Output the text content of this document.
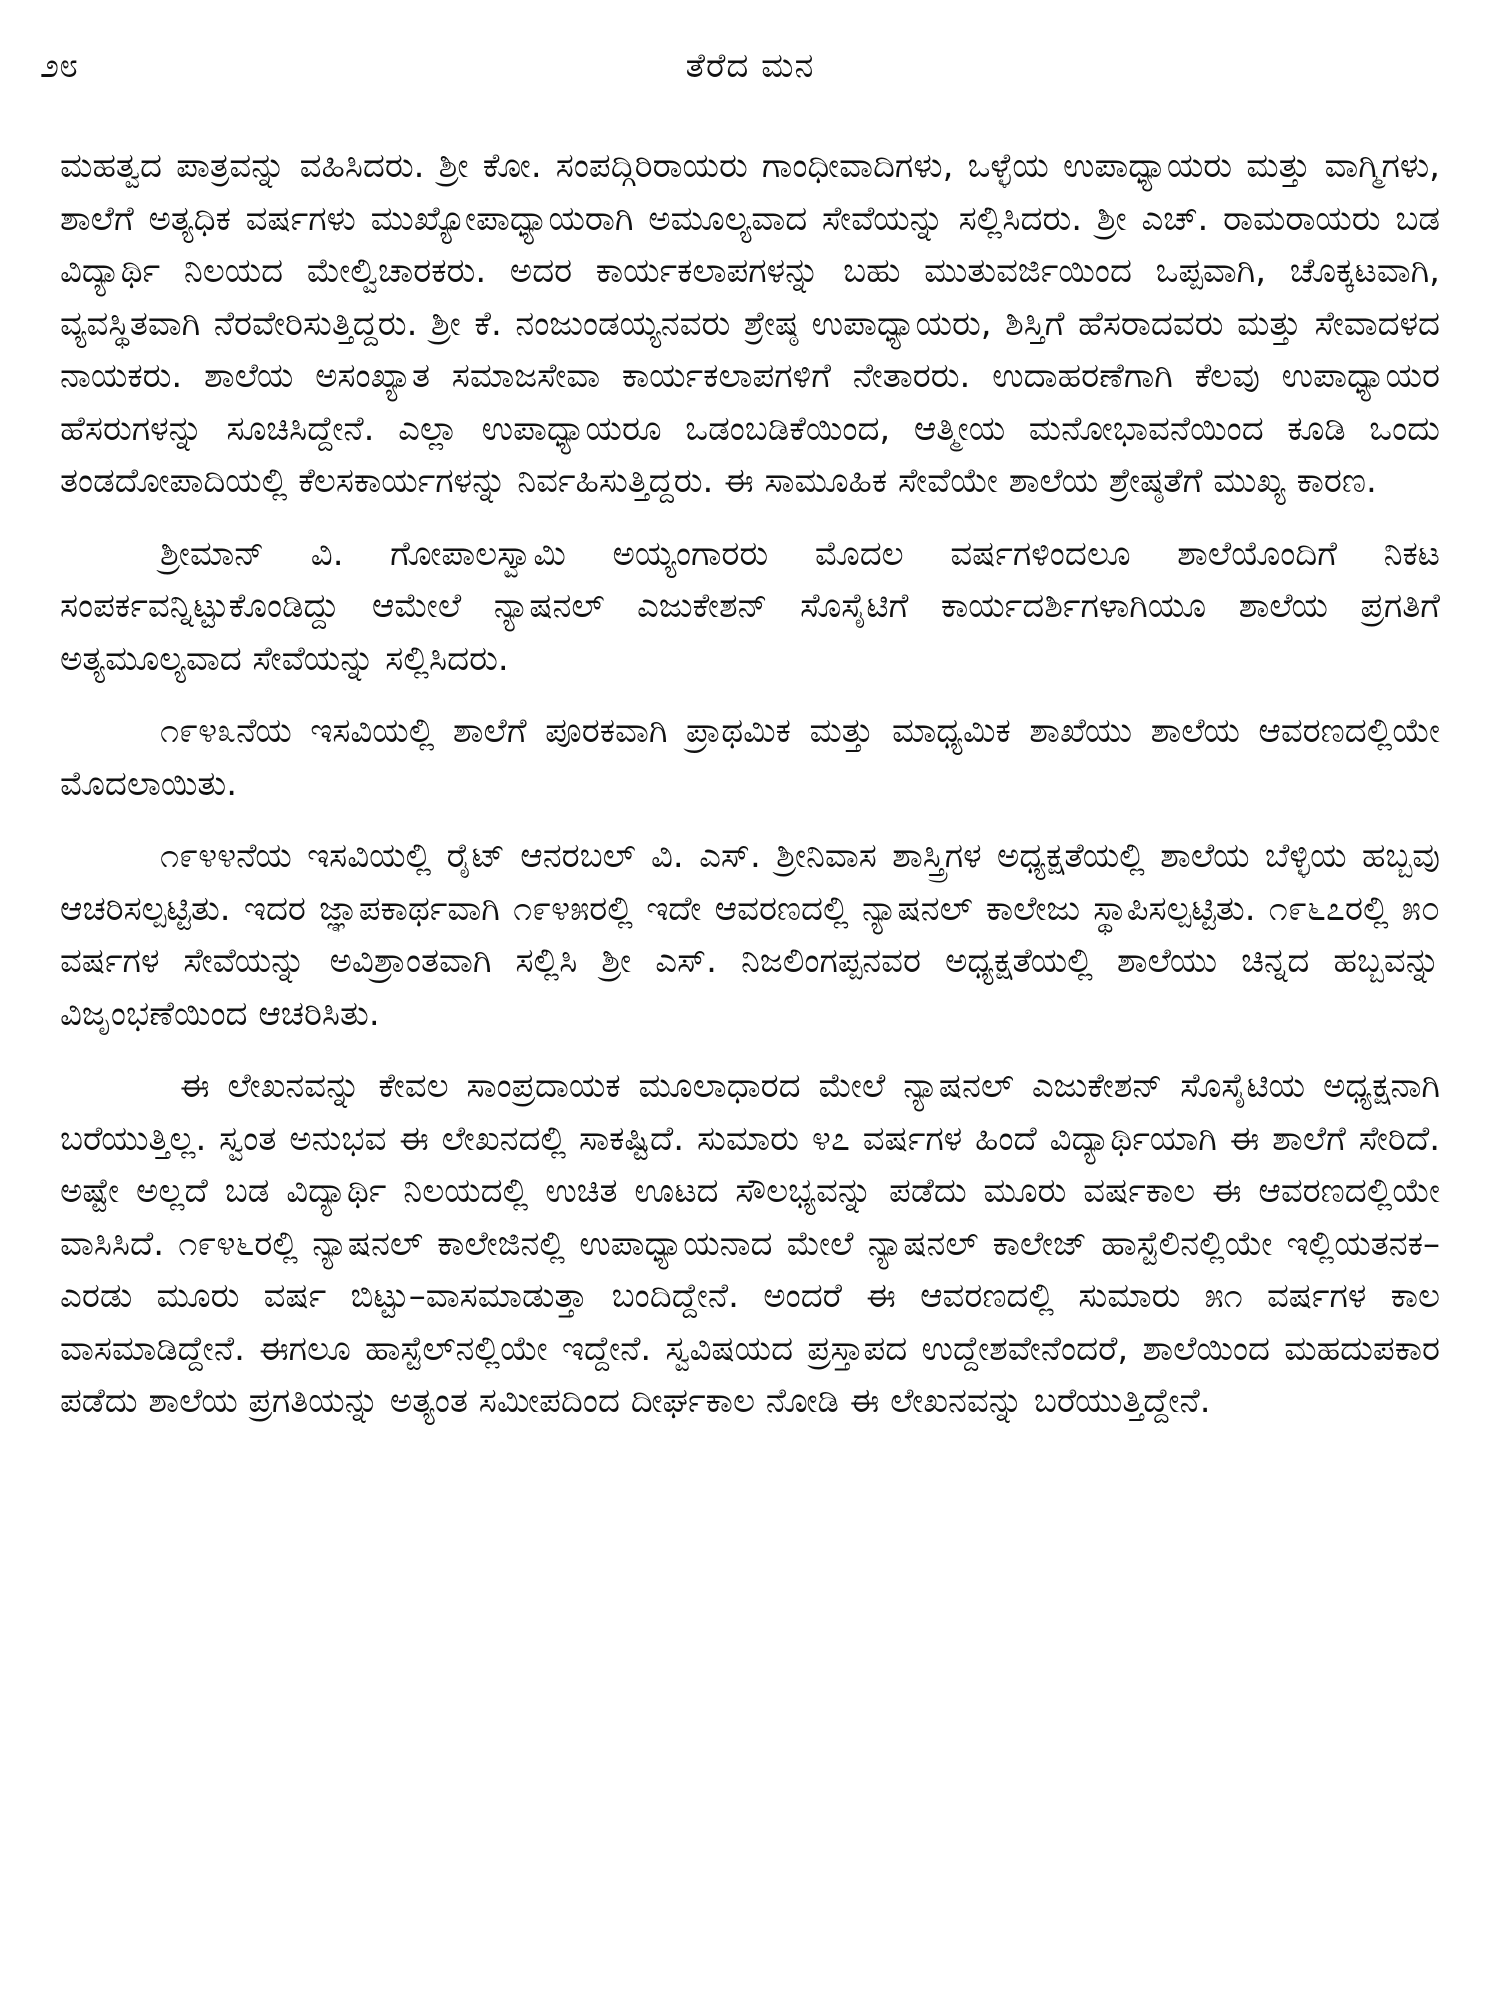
೨೮	ತೆರೆದ ಮನ

ಮಹತ್ವದ ಪಾತ್ರವನ್ನು ವಹಿಸಿದರು. ಶ್ರೀ ಕೋ. ಸಂಪದ್ಗಿರಿರಾಯರು ಗಾಂಧೀವಾದಿಗಳು, ಒಳ್ಳೆಯ ಉಪಾಧ್ಯಾಯರು ಮತ್ತು ವಾಗ್ಮಿಗಳು, ಶಾಲೆಗೆ ಅತ್ಯಧಿಕ ವರ್ಷಗಳು ಮುಖ್ಯೋಪಾಧ್ಯಾಯರಾಗಿ ಅಮೂಲ್ಯವಾದ ಸೇವೆಯನ್ನು ಸಲ್ಲಿಸಿದರು. ಶ್ರೀ ಎಚ್. ರಾಮರಾಯರು ಬಡ ವಿದ್ಯಾರ್ಥಿ ನಿಲಯದ ಮೇಲ್ವಿಚಾರಕರು. ಅದರ ಕಾರ್ಯಕಲಾಪಗಳನ್ನು ಬಹು ಮುತುವರ್ಜಿಯಿಂದ ಒಪ್ಪವಾಗಿ, ಚೊಕ್ಕಟವಾಗಿ, ವ್ಯವಸ್ಥಿತವಾಗಿ ನೆರವೇರಿಸುತ್ತಿದ್ದರು. ಶ್ರೀ ಕೆ. ನಂಜುಂಡಯ್ಯನವರು ಶ್ರೇಷ್ಠ ಉಪಾಧ್ಯಾಯರು, ಶಿಸ್ತಿಗೆ ಹೆಸರಾದವರು ಮತ್ತು ಸೇವಾದಳದ ನಾಯಕರು. ಶಾಲೆಯ ಅಸಂಖ್ಯಾತ ಸಮಾಜಸೇವಾ ಕಾರ್ಯಕಲಾಪಗಳಿಗೆ ನೇತಾರರು. ಉದಾಹರಣೆಗಾಗಿ ಕೆಲವು ಉಪಾಧ್ಯಾಯರ ಹೆಸರುಗಳನ್ನು ಸೂಚಿಸಿದ್ದೇನೆ. ಎಲ್ಲಾ ಉಪಾಧ್ಯಾಯರೂ ಒಡಂಬಡಿಕೆಯಿಂದ, ಆತ್ಮೀಯ ಮನೋಭಾವನೆಯಿಂದ ಕೂಡಿ ಒಂದು ತಂಡದೋಪಾದಿಯಲ್ಲಿ ಕೆಲಸಕಾರ್ಯಗಳನ್ನು ನಿರ್ವಹಿಸುತ್ತಿದ್ದರು. ಈ ಸಾಮೂಹಿಕ ಸೇವೆಯೇ ಶಾಲೆಯ ಶ್ರೇಷ್ಠತೆಗೆ ಮುಖ್ಯ ಕಾರಣ.

ಶ್ರೀಮಾನ್ ವಿ. ಗೋಪಾಲಸ್ವಾಮಿ ಅಯ್ಯಂಗಾರರು ಮೊದಲ ವರ್ಷಗಳಿಂದಲೂ ಶಾಲೆಯೊಂದಿಗೆ ನಿಕಟ ಸಂಪರ್ಕವನ್ನಿಟ್ಟುಕೊಂಡಿದ್ದು ಆಮೇಲೆ ನ್ಯಾಷನಲ್ ಎಜುಕೇಶನ್ ಸೊಸೈಟಿಗೆ ಕಾರ್ಯದರ್ಶಿಗಳಾಗಿಯೂ ಶಾಲೆಯ ಪ್ರಗತಿಗೆ ಅತ್ಯಮೂಲ್ಯವಾದ ಸೇವೆಯನ್ನು ಸಲ್ಲಿಸಿದರು.

೧೯೪೩ನೆಯ ಇಸವಿಯಲ್ಲಿ ಶಾಲೆಗೆ ಪೂರಕವಾಗಿ ಪ್ರಾಥಮಿಕ ಮತ್ತು ಮಾಧ್ಯಮಿಕ ಶಾಖೆಯು ಶಾಲೆಯ ಆವರಣದಲ್ಲಿಯೇ ಮೊದಲಾಯಿತು.

೧೯೪೪ನೆಯ ಇಸವಿಯಲ್ಲಿ ರೈಟ್ ಆನರಬಲ್ ವಿ. ಎಸ್. ಶ್ರೀನಿವಾಸ ಶಾಸ್ತ್ರಿಗಳ ಅಧ್ಯಕ್ಷತೆಯಲ್ಲಿ ಶಾಲೆಯ ಬೆಳ್ಳಿಯ ಹಬ್ಬವು ಆಚರಿಸಲ್ಪಟ್ಟಿತು. ಇದರ ಜ್ಞಾಪಕಾರ್ಥವಾಗಿ ೧೯೪೫ರಲ್ಲಿ ಇದೇ ಆವರಣದಲ್ಲಿ ನ್ಯಾಷನಲ್ ಕಾಲೇಜು ಸ್ಥಾಪಿಸಲ್ಪಟ್ಟಿತು. ೧೯೬೭ರಲ್ಲಿ ೫೦ ವರ್ಷಗಳ ಸೇವೆಯನ್ನು ಅವಿಶ್ರಾಂತವಾಗಿ ಸಲ್ಲಿಸಿ ಶ್ರೀ ಎಸ್. ನಿಜಲಿಂಗಪ್ಪನವರ ಅಧ್ಯಕ್ಷತೆಯಲ್ಲಿ ಶಾಲೆಯು ಚಿನ್ನದ ಹಬ್ಬವನ್ನು ವಿಜೃಂಭಣೆಯಿಂದ ಆಚರಿಸಿತು.

ಈ ಲೇಖನವನ್ನು ಕೇವಲ ಸಾಂಪ್ರದಾಯಕ ಮೂಲಾಧಾರದ ಮೇಲೆ ನ್ಯಾಷನಲ್ ಎಜುಕೇಶನ್ ಸೊಸೈಟಿಯ ಅಧ್ಯಕ್ಷನಾಗಿ ಬರೆಯುತ್ತಿಲ್ಲ. ಸ್ವಂತ ಅನುಭವ ಈ ಲೇಖನದಲ್ಲಿ ಸಾಕಷ್ಟಿದೆ. ಸುಮಾರು ೪೭ ವರ್ಷಗಳ ಹಿಂದೆ ವಿದ್ಯಾರ್ಥಿಯಾಗಿ ಈ ಶಾಲೆಗೆ ಸೇರಿದೆ. ಅಷ್ಟೇ ಅಲ್ಲದೆ ಬಡ ವಿದ್ಯಾರ್ಥಿ ನಿಲಯದಲ್ಲಿ ಉಚಿತ ಊಟದ ಸೌಲಭ್ಯವನ್ನು ಪಡೆದು ಮೂರು ವರ್ಷಕಾಲ ಈ ಆವರಣದಲ್ಲಿಯೇ ವಾಸಿಸಿದೆ. ೧೯೪೬ರಲ್ಲಿ ನ್ಯಾಷನಲ್ ಕಾಲೇಜಿನಲ್ಲಿ ಉಪಾಧ್ಯಾಯನಾದ ಮೇಲೆ ನ್ಯಾಷನಲ್ ಕಾಲೇಜ್ ಹಾಸ್ಟೆಲಿನಲ್ಲಿಯೇ ಇಲ್ಲಿಯತನಕ–ಎರಡು ಮೂರು ವರ್ಷ ಬಿಟ್ಟು–ವಾಸಮಾಡುತ್ತಾ ಬಂದಿದ್ದೇನೆ. ಅಂದರೆ ಈ ಆವರಣದಲ್ಲಿ ಸುಮಾರು ೫೧ ವರ್ಷಗಳ ಕಾಲ ವಾಸಮಾಡಿದ್ದೇನೆ. ಈಗಲೂ ಹಾಸ್ಟೆಲ್‌ನಲ್ಲಿಯೇ ಇದ್ದೇನೆ. ಸ್ವವಿಷಯದ ಪ್ರಸ್ತಾಪದ ಉದ್ದೇಶವೇನೆಂದರೆ, ಶಾಲೆಯಿಂದ ಮಹದುಪಕಾರ ಪಡೆದು ಶಾಲೆಯ ಪ್ರಗತಿಯನ್ನು ಅತ್ಯಂತ ಸಮೀಪದಿಂದ ದೀರ್ಘಕಾಲ ನೋಡಿ ಈ ಲೇಖನವನ್ನು ಬರೆಯುತ್ತಿದ್ದೇನೆ.
